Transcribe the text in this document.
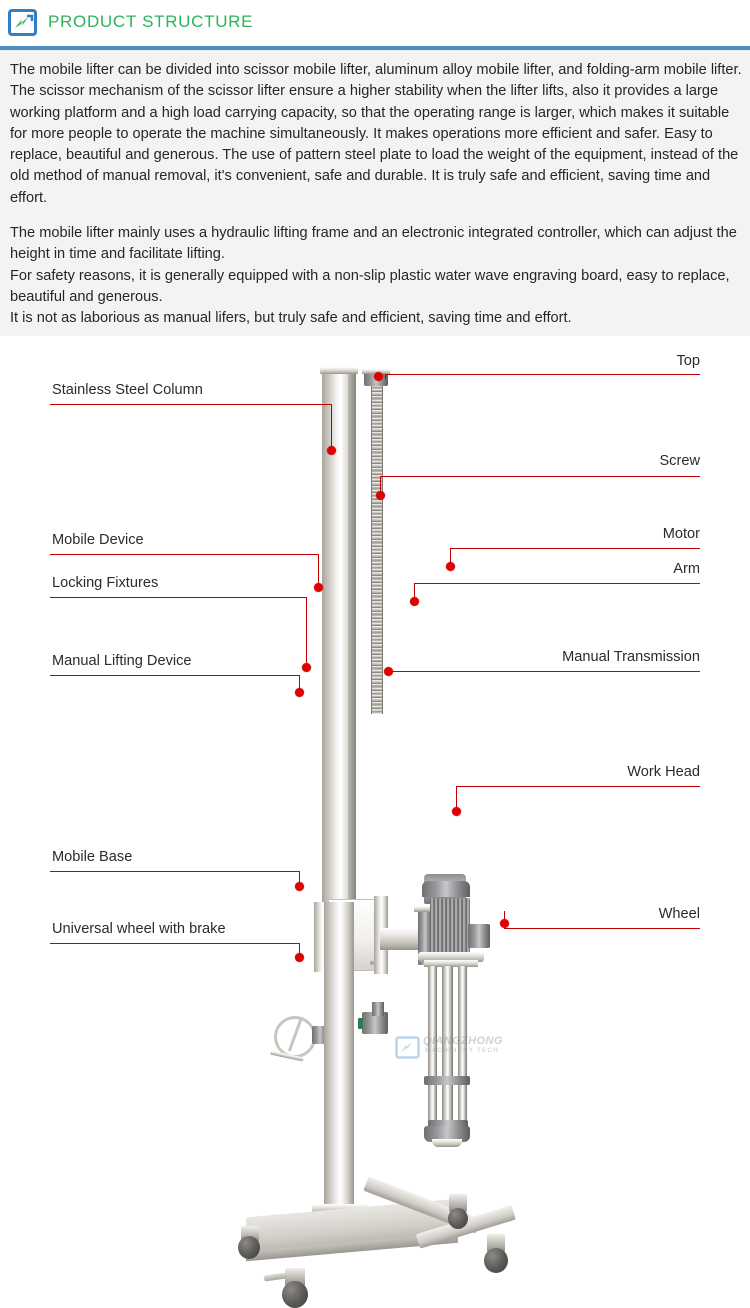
PRODUCT STRUCTURE

The mobile lifter can be divided into scissor mobile lifter, aluminum alloy mobile lifter, and folding-arm mobile lifter. The scissor mechanism of the scissor lifter ensure a higher stability when the lifter lifts, also it provides a large working platform and a high load carrying capacity, so that the operating range is larger, which makes it suitable for more people to operate the machine simultaneously. It makes operations more efficient and safer. Easy to replace, beautiful and generous. The use of pattern steel plate to load the weight of the equipment, instead of the old method of manual removal, it's convenient, safe and durable. It is truly safe and efficient, saving time and effort.

The mobile lifter mainly uses a hydraulic lifting frame and an electronic integrated controller, which can adjust the height in time and facilitate lifting.

For safety reasons, it is generally equipped with a non-slip plastic water wave engraving board, easy to replace, beautiful and generous.

It is not as laborious as manual lifers, but truly safe and efficient, saving time and effort.

QIANGZHONG
MACHINERY TECH
Stainless Steel Column
Mobile Device
Locking Fixtures
Manual Lifting Device
Mobile Base
Universal wheel with brake
Top
Screw
Motor
Arm
Manual Transmission
Work Head
Wheel
